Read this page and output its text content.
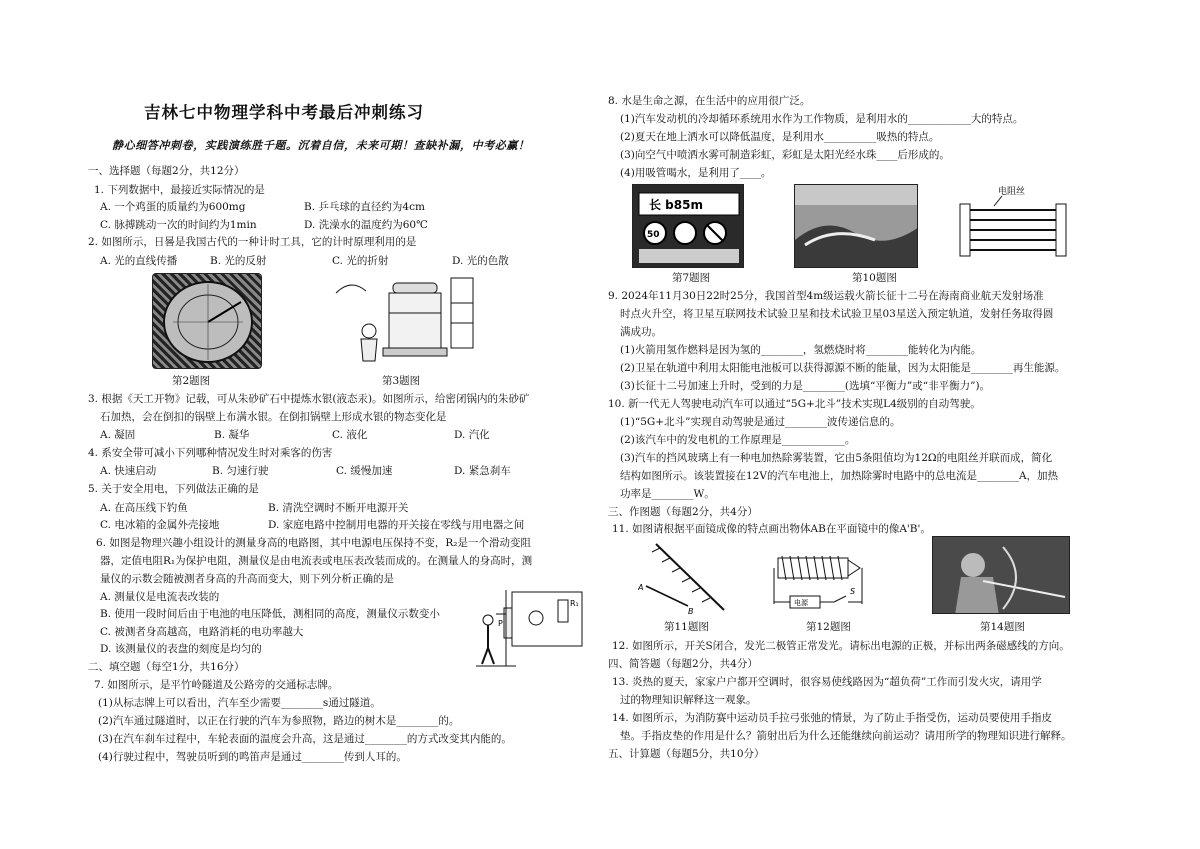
吉林七中物理学科中考最后冲刺练习
静心细答冲刺卷，实践演练胜千题。沉着自信，未来可期！查缺补漏，中考必赢！
一、选择题（每题2分，共12分）
1. 下列数据中，最接近实际情况的是
A. 一个鸡蛋的质量约为600mg	B. 乒乓球的直径约为4cm
C. 脉搏跳动一次的时间约为1min	D. 洗澡水的温度约为60℃
2. 如图所示，日晷是我国古代的一种计时工具，它的计时原理利用的是
A. 光的直线传播	B. 光的反射	C. 光的折射	D. 光的色散
第2题图	第3题图
3. 根据《天工开物》记载，可从朱砂矿石中提炼水银(液态汞)。如图所示，给密闭锅内的朱砂矿
石加热，会在倒扣的锅壁上布满水银。在倒扣锅壁上形成水银的物态变化是
A. 凝固	B. 凝华	C. 液化	D. 汽化
4. 系安全带可减小下列哪种情况发生时对乘客的伤害
A. 快速启动	B. 匀速行驶	C. 缓慢加速	D. 紧急刹车
5. 关于安全用电，下列做法正确的是
A. 在高压线下钓鱼	B. 清洗空调时不断开电源开关
C. 电冰箱的金属外壳接地	D. 家庭电路中控制用电器的开关接在零线与用电器之间
6. 如图是物理兴趣小组设计的测量身高的电路图，其中电源电压保持不变，R₂是一个滑动变阻
器，定值电阻R₁为保护电阻，测量仪是由电流表或电压表改装而成的。在测量人的身高时，测
量仪的示数会随被测者身高的升高而变大，则下列分析正确的是
A. 测量仪是电流表改装的
B. 使用一段时间后由于电池的电压降低，测相同的高度，测量仪示数变小
C. 被测者身高越高，电路消耗的电功率越大
D. 该测量仪的表盘的刻度是均匀的
R₁
P
二、填空题（每空1分，共16分）
7. 如图所示，是平竹岭隧道及公路旁的交通标志牌。
(1)从标志牌上可以看出，汽车至少需要________s通过隧道。
(2)汽车通过隧道时，以正在行驶的汽车为参照物，路边的树木是________的。
(3)在汽车刹车过程中，车轮表面的温度会升高，这是通过________的方式改变其内能的。
(4)行驶过程中，驾驶员听到的鸣笛声是通过________传到人耳的。
8. 水是生命之源，在生活中的应用很广泛。
(1)汽车发动机的冷却循环系统用水作为工作物质，是利用水的____________大的特点。
(2)夏天在地上洒水可以降低温度，是利用水__________吸热的特点。
(3)向空气中喷洒水雾可制造彩虹，彩虹是太阳光经水珠____后形成的。
(4)用吸管喝水，是利用了____。
长 b85m
50
电阻丝
第7题图	第10题图
9. 2024年11月30日22时25分，我国首型4m级运载火箭长征十二号在海南商业航天发射场准
时点火升空，将卫星互联网技术试验卫星和技术试验卫星03星送入预定轨道，发射任务取得圆
满成功。
(1)火箭用氢作燃料是因为氢的________，氢燃烧时将________能转化为内能。
(2)卫星在轨道中利用太阳能电池板可以获得源源不断的能量，因为太阳能是________再生能源。
(3)长征十二号加速上升时，受到的力是________(选填“平衡力”或“非平衡力”)。
10. 新一代无人驾驶电动汽车可以通过“5G+北斗”技术实现L4级别的自动驾驶。
(1)“5G+北斗”实现自动驾驶是通过________波传递信息的。
(2)该汽车中的发电机的工作原理是____________。
(3)汽车的挡风玻璃上有一种电加热除雾装置，它由5条阻值均为12Ω的电阻丝并联而成，简化
结构如图所示。该装置接在12V的汽车电池上，加热除雾时电路中的总电流是________A，加热
功率是________W。
三、作图题（每题2分，共4分）
11. 如图请根据平面镜成像的特点画出物体AB在平面镜中的像A'B'。
A
B
电源
S
第11题图	第12题图	第14题图
12. 如图所示，开关S闭合，发光二极管正常发光。请标出电源的正极，并标出两条磁感线的方向。
四、简答题（每题2分，共4分）
13. 炎热的夏天，家家户户都开空调时，很容易使线路因为“超负荷”工作而引发火灾，请用学
过的物理知识解释这一观象。
14. 如图所示，为消防赛中运动员手拉弓张弛的情景，为了防止手指受伤，运动员要使用手指皮
垫。手指皮垫的作用是什么？箭射出后为什么还能继续向前运动？请用所学的物理知识进行解释。
五、计算题（每题5分，共10分）
